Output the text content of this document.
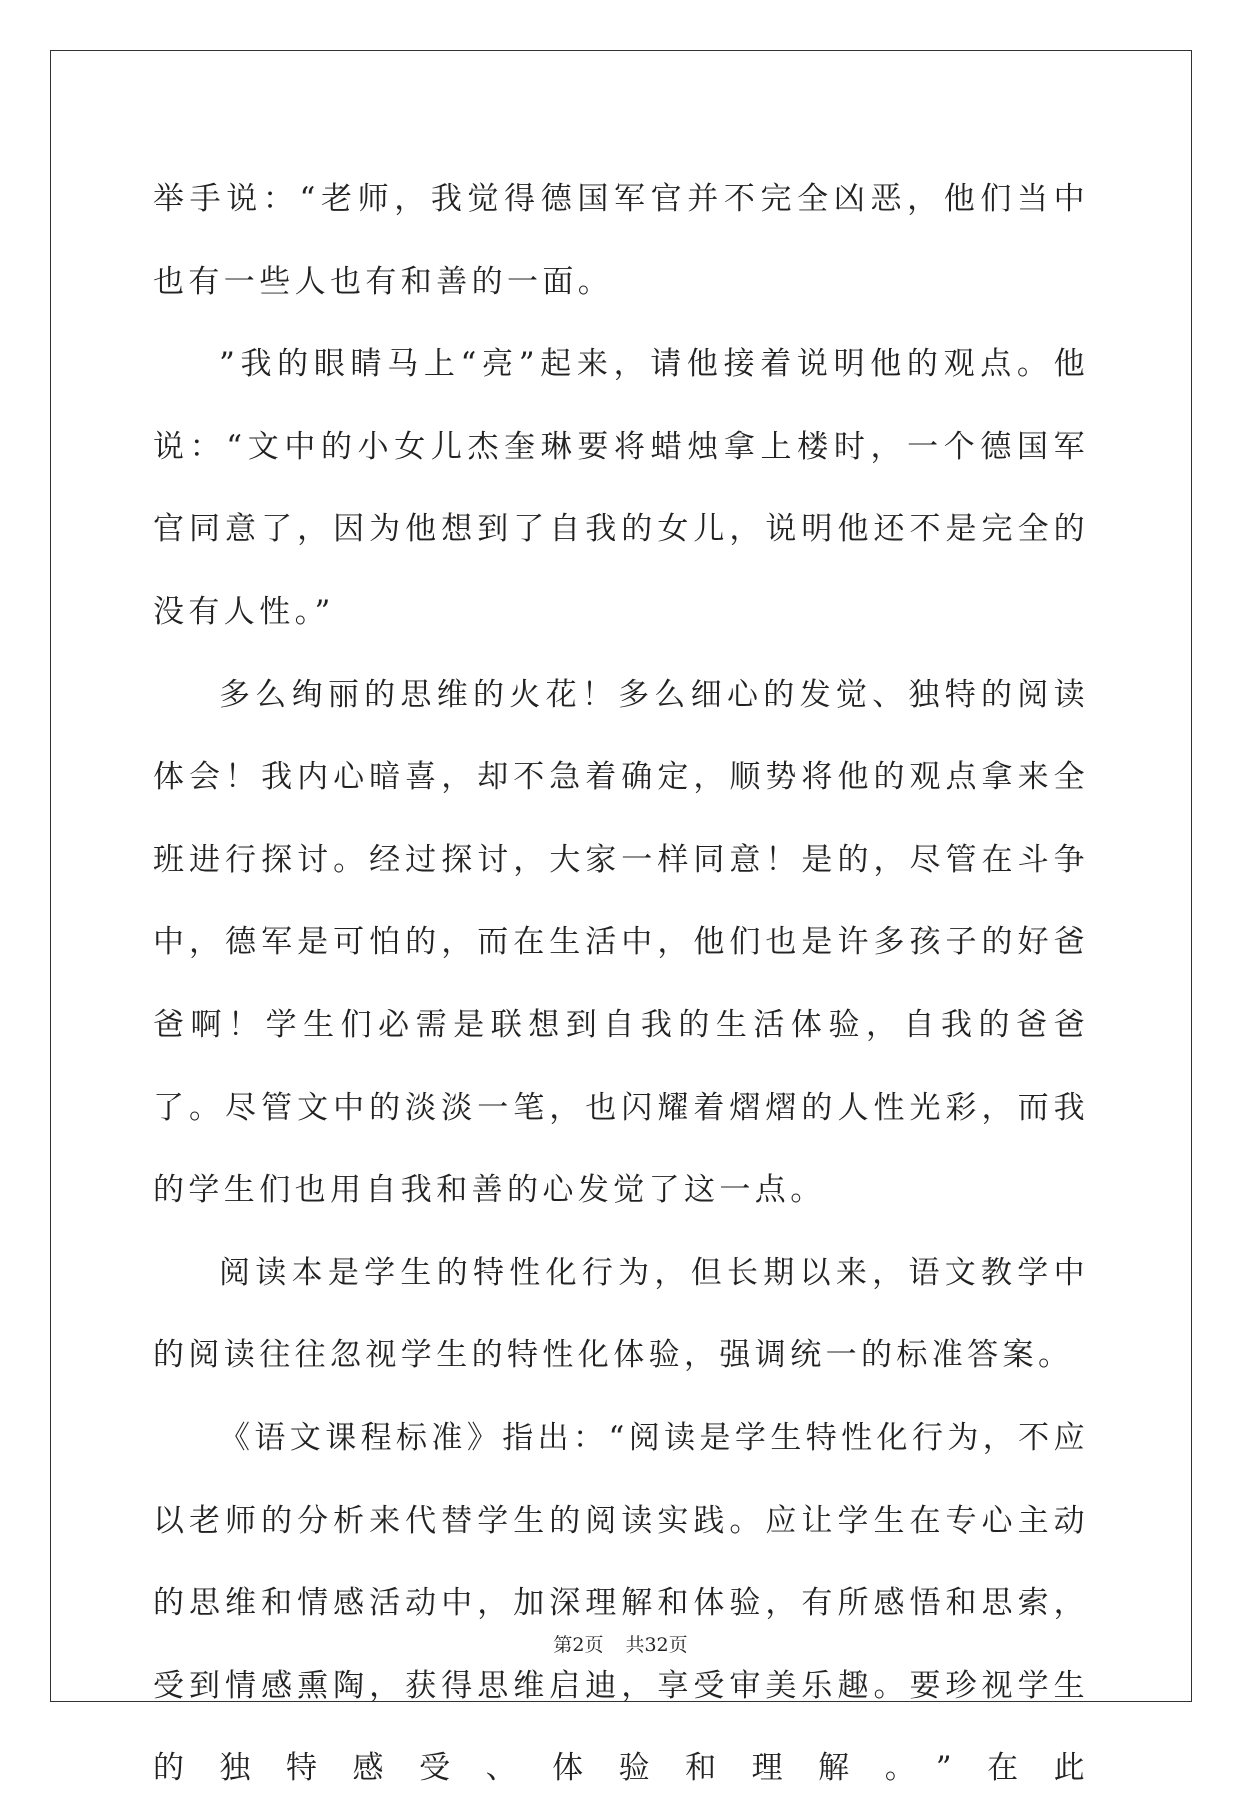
举手说：“老师，我觉得德国军官并不完全凶恶，他们当中也有一些人也有和善的一面。

”我的眼睛马上“亮”起来，请他接着说明他的观点。他说：“文中的小女儿杰奎琳要将蜡烛拿上楼时，一个德国军官同意了，因为他想到了自我的女儿，说明他还不是完全的没有人性。”

多么绚丽的思维的火花！多么细心的发觉、独特的阅读体会！我内心暗喜，却不急着确定，顺势将他的观点拿来全班进行探讨。经过探讨，大家一样同意！是的，尽管在斗争中，德军是可怕的，而在生活中，他们也是许多孩子的好爸爸啊！学生们必需是联想到自我的生活体验，自我的爸爸了。尽管文中的淡淡一笔，也闪耀着熠熠的人性光彩，而我的学生们也用自我和善的心发觉了这一点。

阅读本是学生的特性化行为，但长期以来，语文教学中的阅读往往忽视学生的特性化体验，强调统一的标准答案。

《语文课程标准》指出：“阅读是学生特性化行为，不应以老师的分析来代替学生的阅读实践。应让学生在专心主动的思维和情感活动中，加深理解和体验，有所感悟和思索，受到情感熏陶，获得思维启迪，享受审美乐趣。要珍视学生的独特感受、体验和理解。”在此

第2页 共32页
